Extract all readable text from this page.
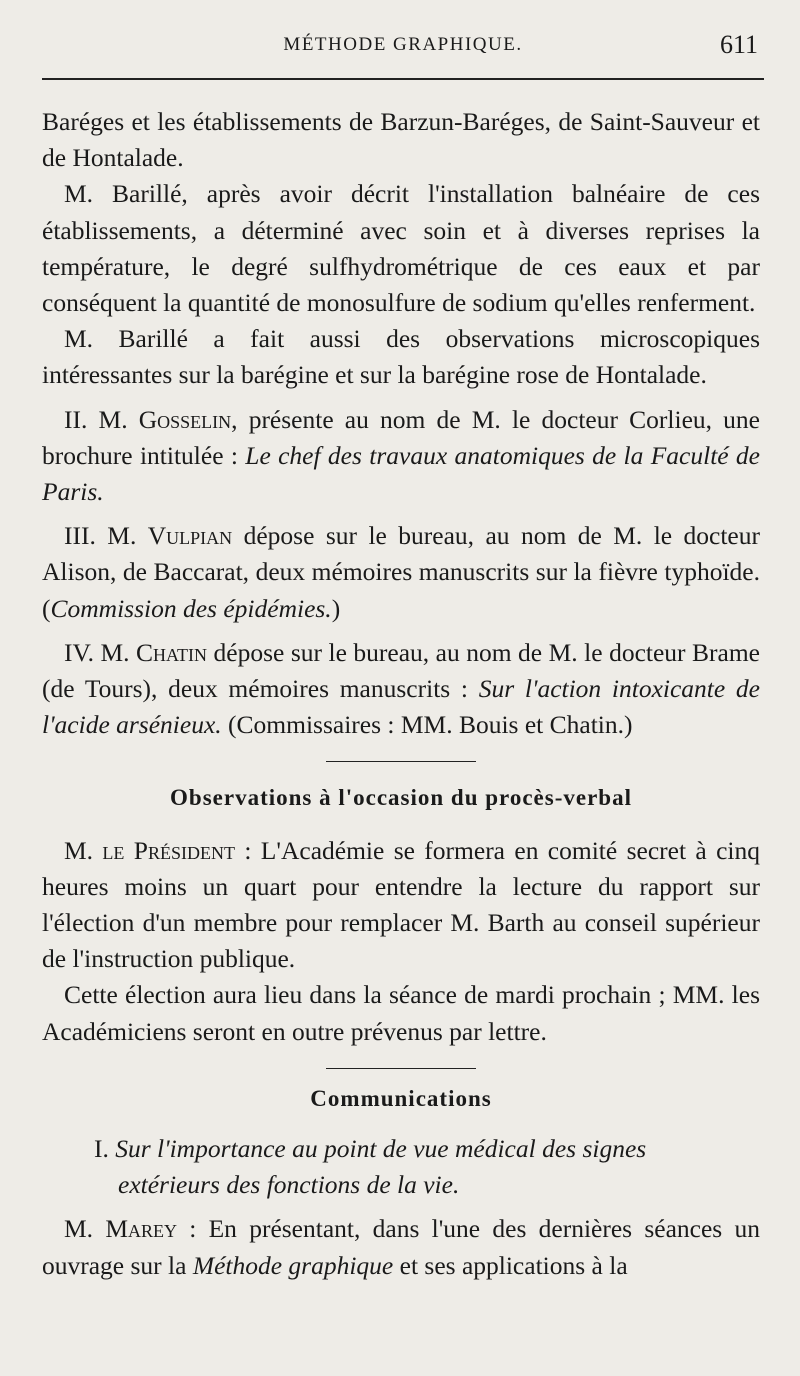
MÉTHODE GRAPHIQUE.	611

Baréges et les établissements de Barzun-Baréges, de Saint-Sauveur et de Hontalade.

M. Barillé, après avoir décrit l'installation balnéaire de ces établissements, a déterminé avec soin et à diverses reprises la température, le degré sulfhydrométrique de ces eaux et par conséquent la quantité de monosulfure de sodium qu'elles renferment.

M. Barillé a fait aussi des observations microscopiques intéressantes sur la barégine et sur la barégine rose de Hontalade.

II. M. Gosselin, présente au nom de M. le docteur Corlieu, une brochure intitulée : Le chef des travaux anatomiques de la Faculté de Paris.

III. M. Vulpian dépose sur le bureau, au nom de M. le docteur Alison, de Baccarat, deux mémoires manuscrits sur la fièvre typhoïde. (Commission des épidémies.)

IV. M. Chatin dépose sur le bureau, au nom de M. le docteur Brame (de Tours), deux mémoires manuscrits : Sur l'action intoxicante de l'acide arsénieux. (Commissaires : MM. Bouis et Chatin.)

Observations à l'occasion du procès-verbal

M. le Président : L'Académie se formera en comité secret à cinq heures moins un quart pour entendre la lecture du rapport sur l'élection d'un membre pour remplacer M. Barth au conseil supérieur de l'instruction publique.

Cette élection aura lieu dans la séance de mardi prochain ; MM. les Académiciens seront en outre prévenus par lettre.

Communications

I. Sur l'importance au point de vue médical des signes
extérieurs des fonctions de la vie.

M. Marey : En présentant, dans l'une des dernières séances un ouvrage sur la Méthode graphique et ses applications à la
